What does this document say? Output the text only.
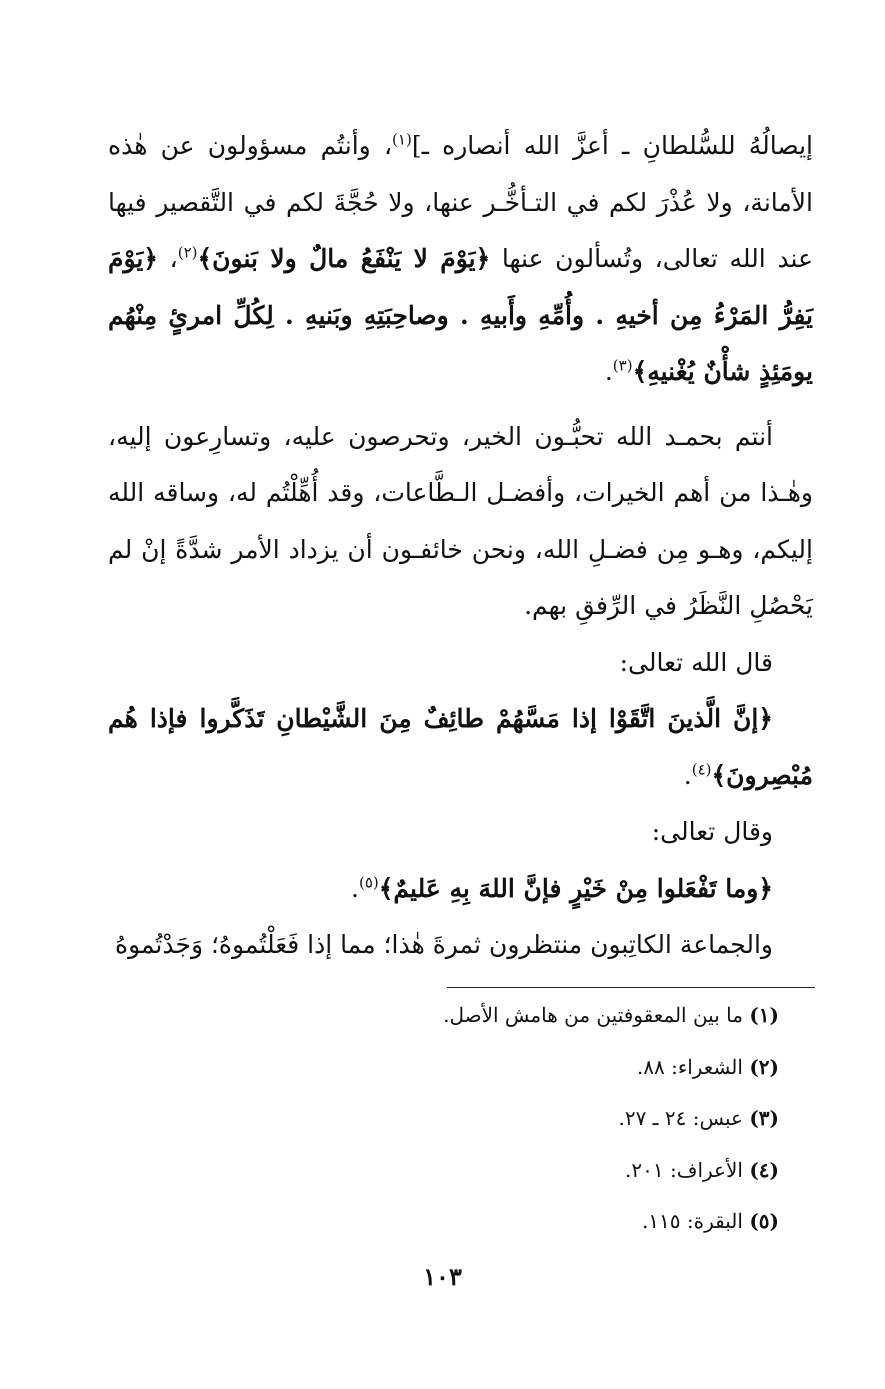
إيصالُهُ للسُّلطانِ ـ أعزَّ الله أنصاره ـ]$^{(١)}$، وأنتُم مسؤولون عن هٰذه الأمانة، ولا عُذْرَ لكم في التـأخُّـر عنها، ولا حُجَّةَ لكم في التَّقصير فيها عند الله تعالى، وتُسألون عنها ﴿يَوْمَ لا يَنْفَعُ مالٌ ولا بَنونَ﴾$^{(٢)}$، ﴿يَوْمَ يَفِرُّ المَرْءُ مِن أخيهِ . وأُمِّهِ وأَبيهِ . وصاحِبَتِهِ وبَنيهِ . لِكُلِّ امرئٍ مِنْهُم يومَئِذٍ شأْنٌ يُغْنيهِ﴾$^{(٣)}$.

أنتم بحمـد الله تحبُّـون الخير، وتحرصون عليه، وتسارِعون إليه، وهٰـذا من أهم الخيرات، وأفضـل الـطَّاعات، وقد أُهِّلْتُم له، وساقه الله إليكم، وهـو مِن فضـلِ الله، ونحن خائفـون أن يزداد الأمر شدَّةً إنْ لم يَحْصُلِ النَّظَرُ في الرِّفقِ بهم.

قال الله تعالى:

﴿إنَّ الَّذينَ اتَّقَوْا إذا مَسَّهُمْ طائِفٌ مِنَ الشَّيْطانِ تَذَكَّروا فإذا هُم مُبْصِرونَ﴾$^{(٤)}$.

وقال تعالى:

﴿وما تَفْعَلوا مِنْ خَيْرٍ فإنَّ اللهَ بِهِ عَليمٌ﴾$^{(٥)}$.

والجماعة الكاتِبون منتظرون ثمرةَ هٰذا؛ مما إذا فَعَلْتُموهُ؛ وَجَدْتُموهُ

(١) ما بين المعقوفتين من هامش الأصل.
(٢) الشعراء: ٨٨.
(٣) عبس: ٢٤ ـ ٢٧.
(٤) الأعراف: ٢٠١.
(٥) البقرة: ١١٥.
١٠٣
